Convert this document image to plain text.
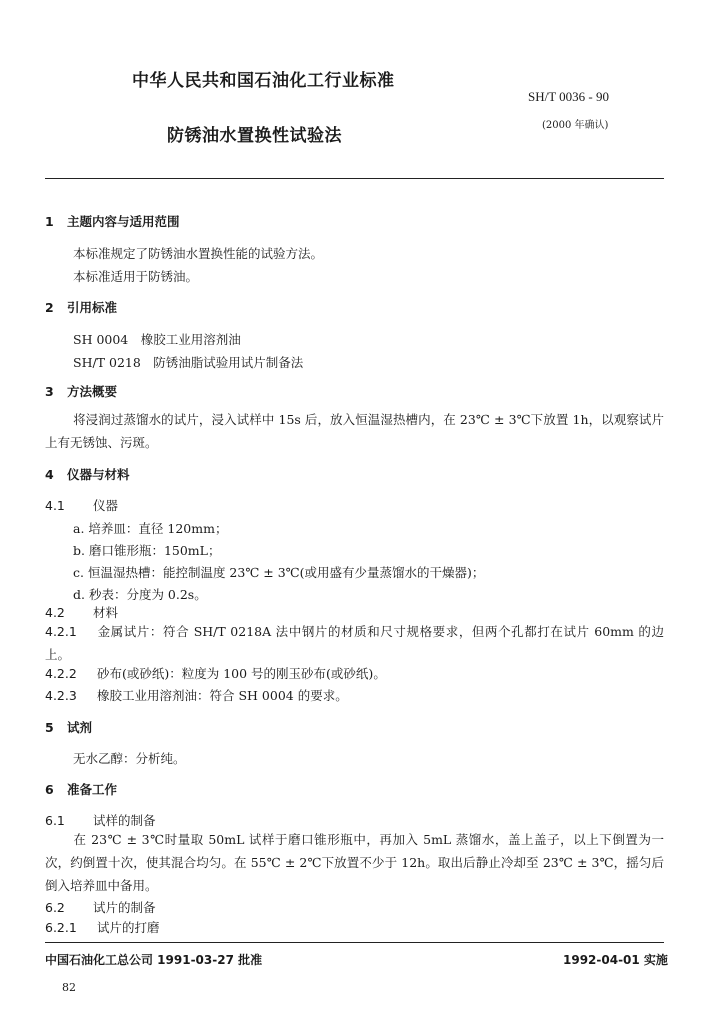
中华人民共和国石油化工行业标准
SH/T 0036 - 90
防锈油水置换性试验法
(2000 年确认)
1 主题内容与适用范围
本标准规定了防锈油水置换性能的试验方法。
本标准适用于防锈油。
2 引用标准
SH 0004　橡胶工业用溶剂油
SH/T 0218　防锈油脂试验用试片制备法
3 方法概要
将浸润过蒸馏水的试片，浸入试样中 15s 后，放入恒温湿热槽内，在 23℃ ± 3℃下放置 1h，以观察试片上有无锈蚀、污斑。
4 仪器与材料
4.1 仪器
a. 培养皿：直径 120mm；
b. 磨口锥形瓶：150mL；
c. 恒温湿热槽：能控制温度 23℃ ± 3℃(或用盛有少量蒸馏水的干燥器)；
d. 秒表：分度为 0.2s。
4.2 材料
4.2.1 金属试片：符合 SH/T 0218A 法中钢片的材质和尺寸规格要求，但两个孔都打在试片 60mm 的边上。
4.2.2 砂布(或砂纸)：粒度为 100 号的刚玉砂布(或砂纸)。
4.2.3 橡胶工业用溶剂油：符合 SH 0004 的要求。
5 试剂
无水乙醇：分析纯。
6 准备工作
6.1 试样的制备
在 23℃ ± 3℃时量取 50mL 试样于磨口锥形瓶中，再加入 5mL 蒸馏水，盖上盖子，以上下倒置为一次，约倒置十次，使其混合均匀。在 55℃ ± 2℃下放置不少于 12h。取出后静止冷却至 23℃ ± 3℃，摇匀后倒入培养皿中备用。
6.2 试片的制备
6.2.1 试片的打磨
中国石油化工总公司 1991-03-27 批准	1992-04-01 实施
82
